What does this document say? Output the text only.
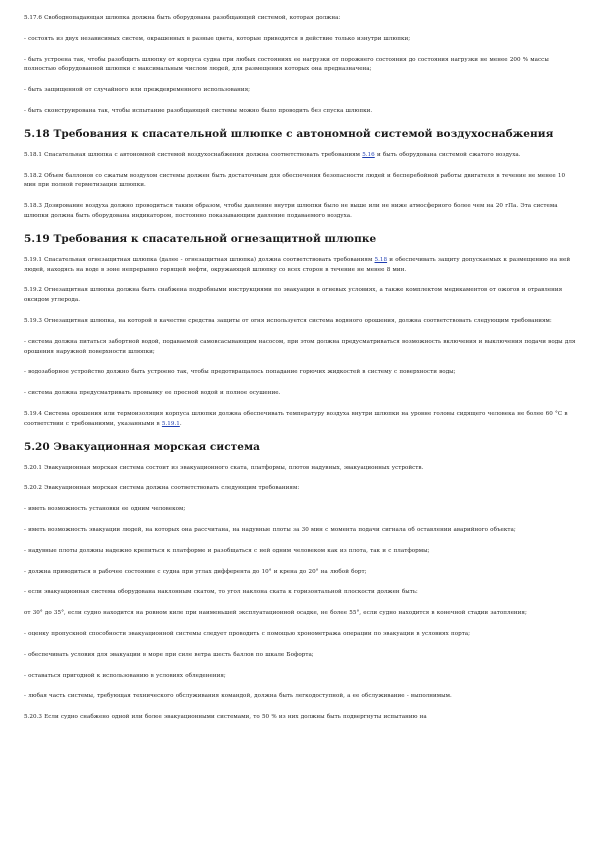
5.17.6 Свободнопадающая шлюпка должна быть оборудована разобщающей системой, которая должна:

- состоять из двух независимых систем, окрашенных в разные цвета, которые приводятся в действие только изнутри шлюпки;

- быть устроена так, чтобы разобщить шлюпку от корпуса судна при любых состояниях ее нагрузки от порожнего состояния до состояния нагрузки не менее 200 % массы полностью оборудованной шлюпки с максимальным числом людей, для размещения которых она предназначена;

- быть защищенной от случайного или преждевременного использования;

- быть сконструирована так, чтобы испытание разобщающей системы можно было проводить без спуска шлюпки.

5.18 Требования к спасательной шлюпке с автономной системой воздухоснабжения

5.18.1 Спасательная шлюпка с автономной системой воздухоснабжения должна соответствовать требованиям 5.16 и быть оборудована системой сжатого воздуха.

5.18.2 Объем баллонов со сжатым воздухом системы должен быть достаточным для обеспечения безопасности людей и бесперебойной работы двигателя в течение не менее 10 мин при полной герметизации шлюпки.

5.18.3 Дозирование воздуха должно проводиться таким образом, чтобы давление внутри шлюпки было не выше или не ниже атмосферного более чем на 20 гПа. Эта система шлюпки должна быть оборудована индикатором, постоянно показывающим давление подаваемого воздуха.

5.19 Требования к спасательной огнезащитной шлюпке

5.19.1 Спасательная огнезащитная шлюпка (далее - огнезащитная шлюпка) должна соответствовать требованиям 5.18 и обеспечивать защиту допускаемых к размещению на ней людей, находясь на воде в зоне непрерывно горящей нефти, окружающей шлюпку со всех сторон в течение не менее 8 мин.

5.19.2 Огнезащитная шлюпка должна быть снабжена подробными инструкциями по эвакуации в огневых условиях, а также комплектом медикаментов от ожогов и отравления оксидом углерода.

5.19.3 Огнезащитная шлюпка, на которой в качестве средства защиты от огня используется система водяного орошения, должна соответствовать следующим требованиям:

- система должна питаться забортной водой, подаваемой самовсасывающим насосом, при этом должна предусматриваться возможность включения и выключения подачи воды для орошения наружной поверхности шлюпки;

- водозаборное устройство должно быть устроено так, чтобы предотвращалось попадание горючих жидкостей в систему с поверхности воды;

- система должна предусматривать промывку ее пресной водой и полное осушение.

5.19.4 Система орошения или термоизоляция корпуса шлюпки должна обеспечивать температуру воздуха внутри шлюпки на уровне головы сидящего человека не более 60 °C в соответствии с требованиями, указанными в 5.19.1.

5.20 Эвакуационная морская система

5.20.1 Эвакуационная морская система состоит из эвакуационного ската, платформы, плотов надувных, эвакуационных устройств.

5.20.2 Эвакуационная морская система должна соответствовать следующим требованиям:

- иметь возможность установки ее одним человеком;

- иметь возможность эвакуации людей, на которых она рассчитана, на надувные плоты за 30 мин с момента подачи сигнала об оставлении аварийного объекта;

- надувные плоты должны надежно крепиться к платформе и разобщаться с ней одним человеком как из плота, так и с платформы;

- должна приводиться в рабочее состояние с судна при углах дифферента до 10° и крена до 20° на любой борт;

- если эвакуационная система оборудована наклонным скатом, то угол наклона ската к горизонтальной плоскости должен быть:

от 30° до 35°, если судно находится на ровном киле при наименьшей эксплуатационной осадке, не более 55°, если судно находится в конечной стадии затопления;

- оценку пропускной способности эвакуационной системы следует проводить с помощью хронометража операции по эвакуации в условиях порта;

- обеспечивать условия для эвакуации в море при силе ветра шесть баллов по шкале Бофорта;

- оставаться пригодной к использованию в условиях обледенения;

- любая часть системы, требующая технического обслуживания командой, должна быть легкодоступной, а ее обслуживание - выполнимым.

5.20.3 Если судно снабжено одной или более эвакуационными системами, то 50 % из них должны быть подвергнуты испытанию на
